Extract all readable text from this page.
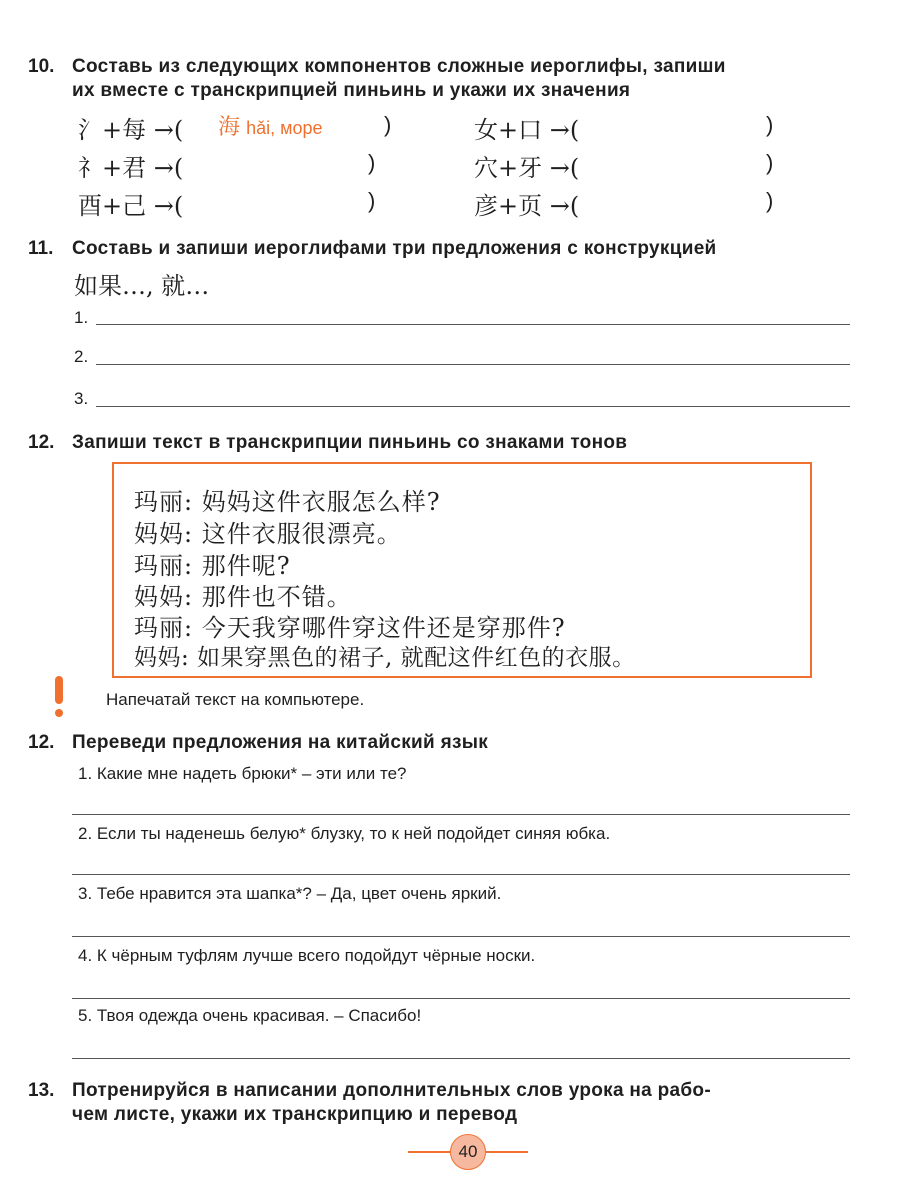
10. Составь из следующих компонентов сложные иероглифы, запиши
их вместе с транскрипцией пиньинь и укажи их значения
氵+每 →( 海 hǎi, море	)	女+口 →(	)
礻+君 →(	)	穴+牙 →(	)
酉+己 →(	)	彦+页 →(	)
11. Составь и запиши иероглифами три предложения с конструкцией
如果…, 就…
1.
2.
3.
12. Запиши текст в транскрипции пиньинь со знаками тонов
玛丽: 妈妈这件衣服怎么样?
妈妈: 这件衣服很漂亮。
玛丽: 那件呢?
妈妈: 那件也不错。
玛丽: 今天我穿哪件穿这件还是穿那件?
妈妈: 如果穿黑色的裙子, 就配这件红色的衣服。
Напечатай текст на компьютере.
12. Переведи предложения на китайский язык
1. Какие мне надеть брюки* – эти или те?
2. Если ты наденешь белую* блузку, то к ней подойдет синяя юбка.
3. Тебе нравится эта шапка*? – Да, цвет очень яркий.
4. К чёрным туфлям лучше всего подойдут чёрные носки.
5. Твоя одежда очень красивая. – Спасибо!
13. Потренируйся в написании дополнительных слов урока на рабо-
чем листе, укажи их транскрипцию и перевод
40
